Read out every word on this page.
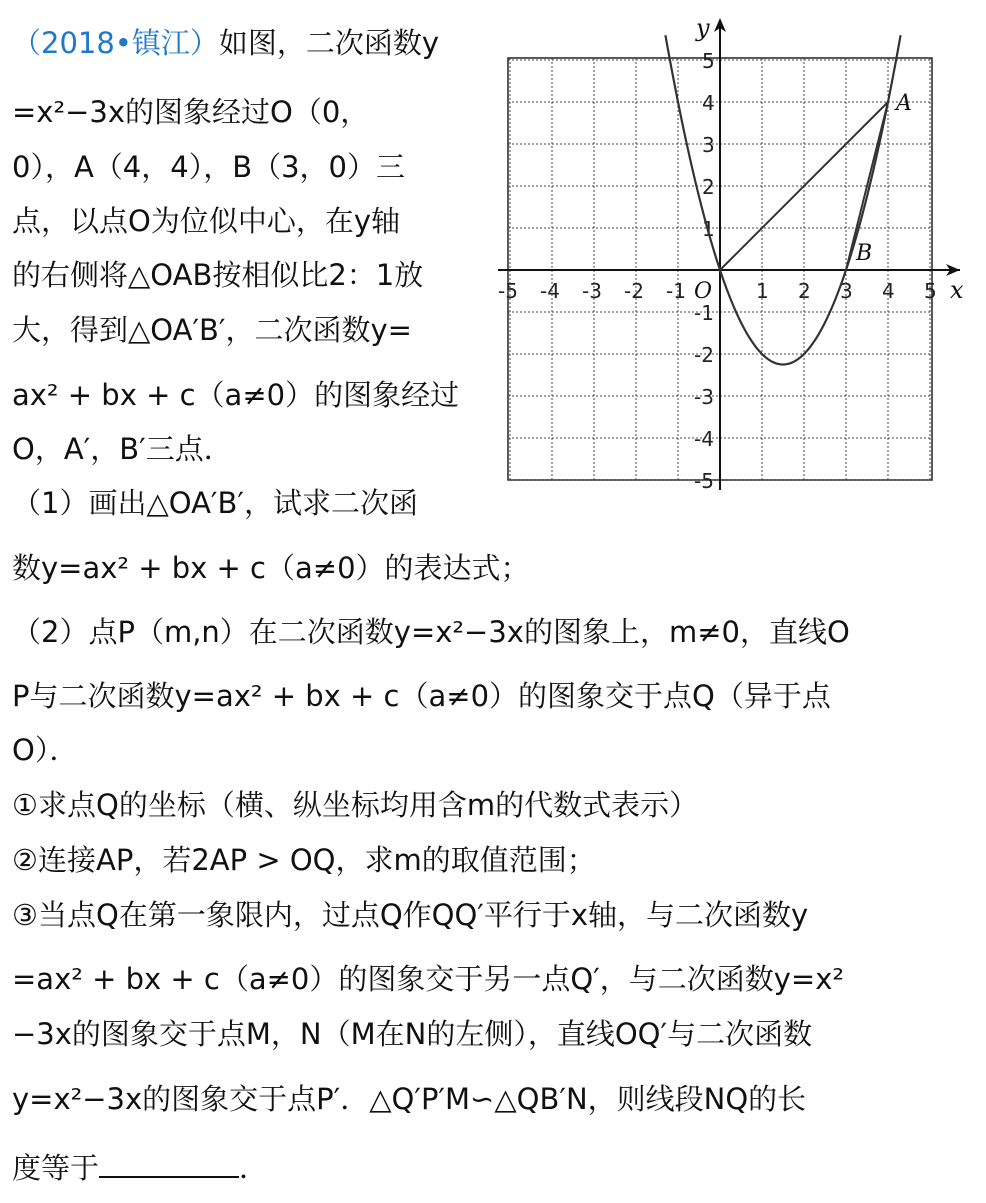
（2018•镇江）如图，二次函数y
=x²−3x的图象经过O（0，
0），A（4，4），B（3，0）三
点，以点O为位似中心，在y轴
的右侧将△OAB按相似比2：1放
大，得到△OA′B′，二次函数y=
ax² + bx + c（a≠0）的图象经过
O，A′，B′三点．
（1）画出△OA′B′，试求二次函
数y=ax² + bx + c（a≠0）的表达式；
（2）点P（m,n）在二次函数y=x²−3x的图象上，m≠0，直线O
P与二次函数y=ax² + bx + c（a≠0）的图象交于点Q（异于点
O）．
①求点Q的坐标（横、纵坐标均用含m的代数式表示）
②连接AP，若2AP > OQ，求m的取值范围；
③当点Q在第一象限内，过点Q作QQ′平行于x轴，与二次函数y
=ax² + bx + c（a≠0）的图象交于另一点Q′，与二次函数y=x²
−3x的图象交于点M，N（M在N的左侧），直线OQ′与二次函数
y=x²−3x的图象交于点P′．△Q′P′M∽△QB′N，则线段NQ的长
度等于	．
x
y
O
-5 -4 -3 -2 -1	1 2 3 4 5
5
4
3
2
1
-1
-2
-3
-4
-5
A
B
